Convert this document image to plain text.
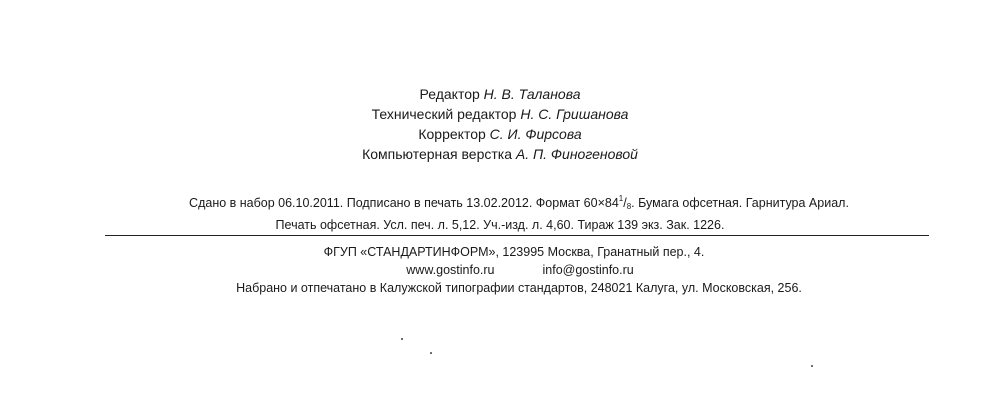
Редактор Н. В. Таланова
Технический редактор Н. С. Гришанова
Корректор С. И. Фирсова
Компьютерная верстка А. П. Финогеновой
Сдано в набор 06.10.2011. Подписано в печать 13.02.2012. Формат $60\times 84^1/_8$. Бумага офсетная. Гарнитура Ариал.
Печать офсетная. Усл. печ. л. 5,12. Уч.-изд. л. 4,60. Тираж 139 экз. Зак. 1226.
ФГУП «СТАНДАРТИНФОРМ», 123995 Москва, Гранатный пер., 4.
www.gostinfo.ru	info@gostinfo.ru
Набрано и отпечатано в Калужской типографии стандартов, 248021 Калуга, ул. Московская, 256.
